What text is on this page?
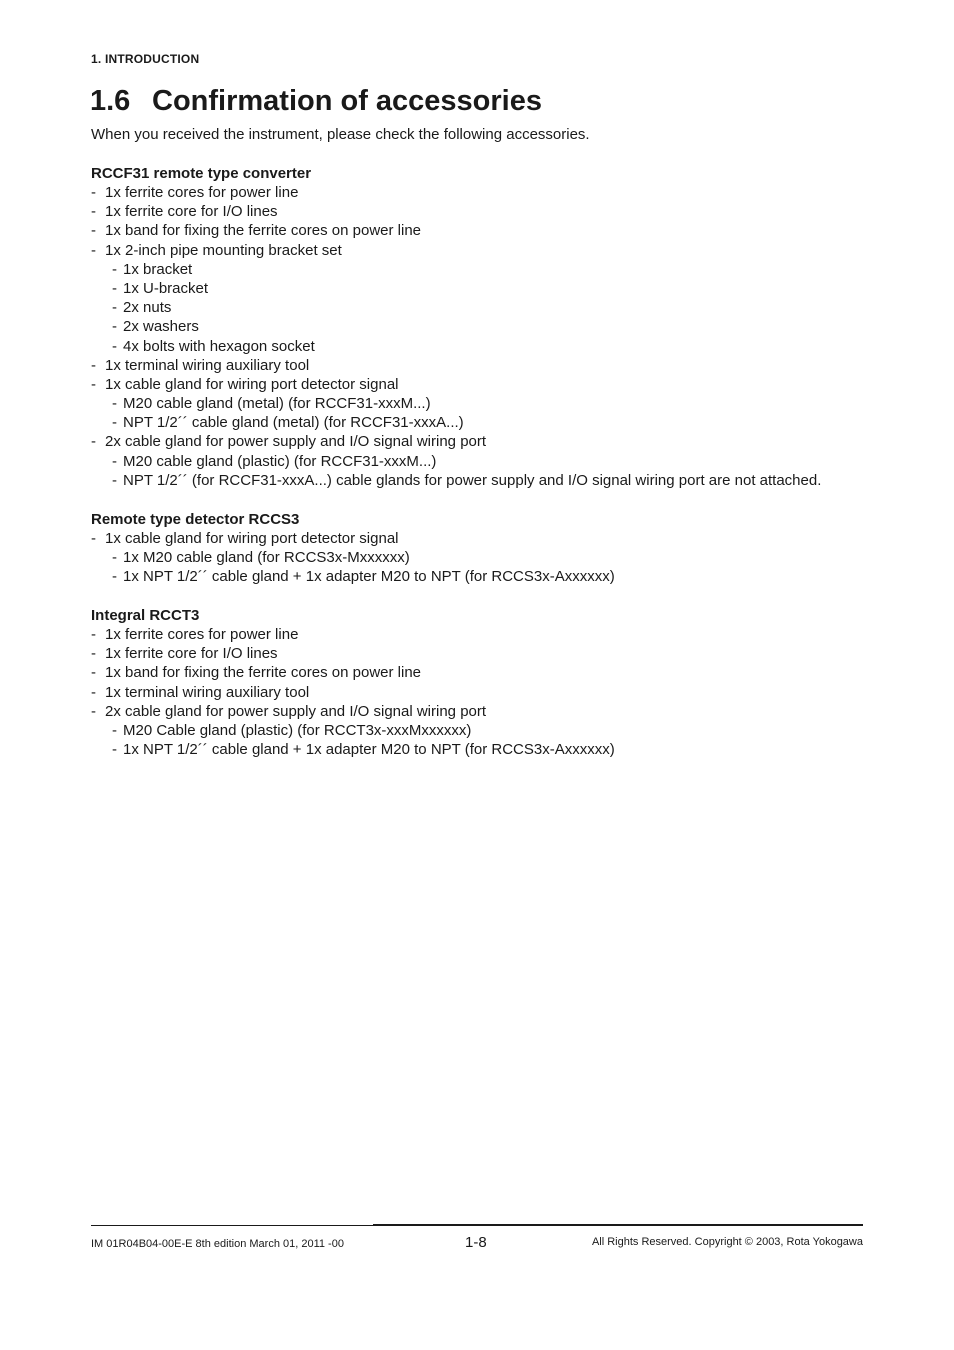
1. INTRODUCTION
1.6 Confirmation of accessories
When you received the instrument, please check the following accessories.
RCCF31 remote type converter
- 1x ferrite cores for power line
- 1x ferrite core for I/O lines
- 1x band for fixing the ferrite cores on power line
- 1x 2-inch pipe mounting bracket set
- 1x bracket
- 1x U-bracket
- 2x nuts
- 2x washers
- 4x bolts with hexagon socket
- 1x terminal wiring auxiliary tool
- 1x cable gland for wiring port detector signal
- M20 cable gland (metal) (for RCCF31-xxxM...)
- NPT 1/2´´ cable gland (metal) (for RCCF31-xxxA...)
- 2x cable gland for power supply and I/O signal wiring port
- M20 cable gland (plastic) (for RCCF31-xxxM...)
- NPT 1/2´´ (for RCCF31-xxxA...) cable glands for power supply and I/O signal wiring port are not attached.
Remote type detector RCCS3
- 1x cable gland for wiring port detector signal
- 1x M20 cable gland (for RCCS3x-Mxxxxxx)
- 1x NPT 1/2´´ cable gland + 1x adapter M20 to NPT (for RCCS3x-Axxxxxx)
Integral RCCT3
- 1x ferrite cores for power line
- 1x ferrite core for I/O lines
- 1x band for fixing the ferrite cores on power line
- 1x terminal wiring auxiliary tool
- 2x cable gland for power supply and I/O signal wiring port
- M20 Cable gland (plastic) (for RCCT3x-xxxMxxxxxx)
- 1x NPT 1/2´´ cable gland + 1x adapter M20 to NPT (for RCCS3x-Axxxxxx)
IM 01R04B04-00E-E 8th edition March 01, 2011 -00	1-8	All Rights Reserved. Copyright © 2003, Rota Yokogawa
